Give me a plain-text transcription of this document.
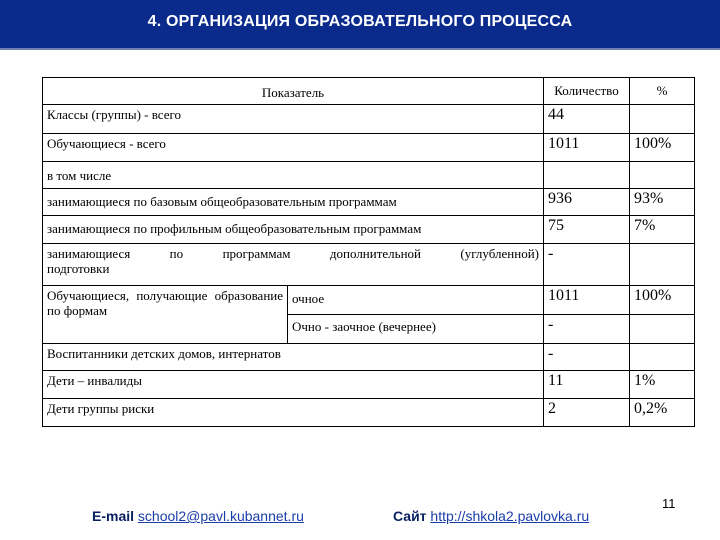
4. ОРГАНИЗАЦИЯ ОБРАЗОВАТЕЛЬНОГО ПРОЦЕССА
Показатель		Количество	%
Классы (группы) - всего		44	
Обучающиеся - всего		1011	100%
в том числе			
занимающиеся по базовым общеобразовательным программам		936	93%
занимающиеся по профильным общеобразовательным программам		75	7%

занимающиеся по программам дополнительной (углубленной)
подготовки		-	
Обучающиеся, получающие образование по формам	очное	1011	100%
	Очно - заочное (вечернее)	-	
Воспитанники детских домов, интернатов		-	
Дети – инвалиды		11	1%
Дети группы риски		2	0,2%
E-mail school2@pavl.kubannet.ru	Сайт http://shkola2.pavlovka.ru
11
